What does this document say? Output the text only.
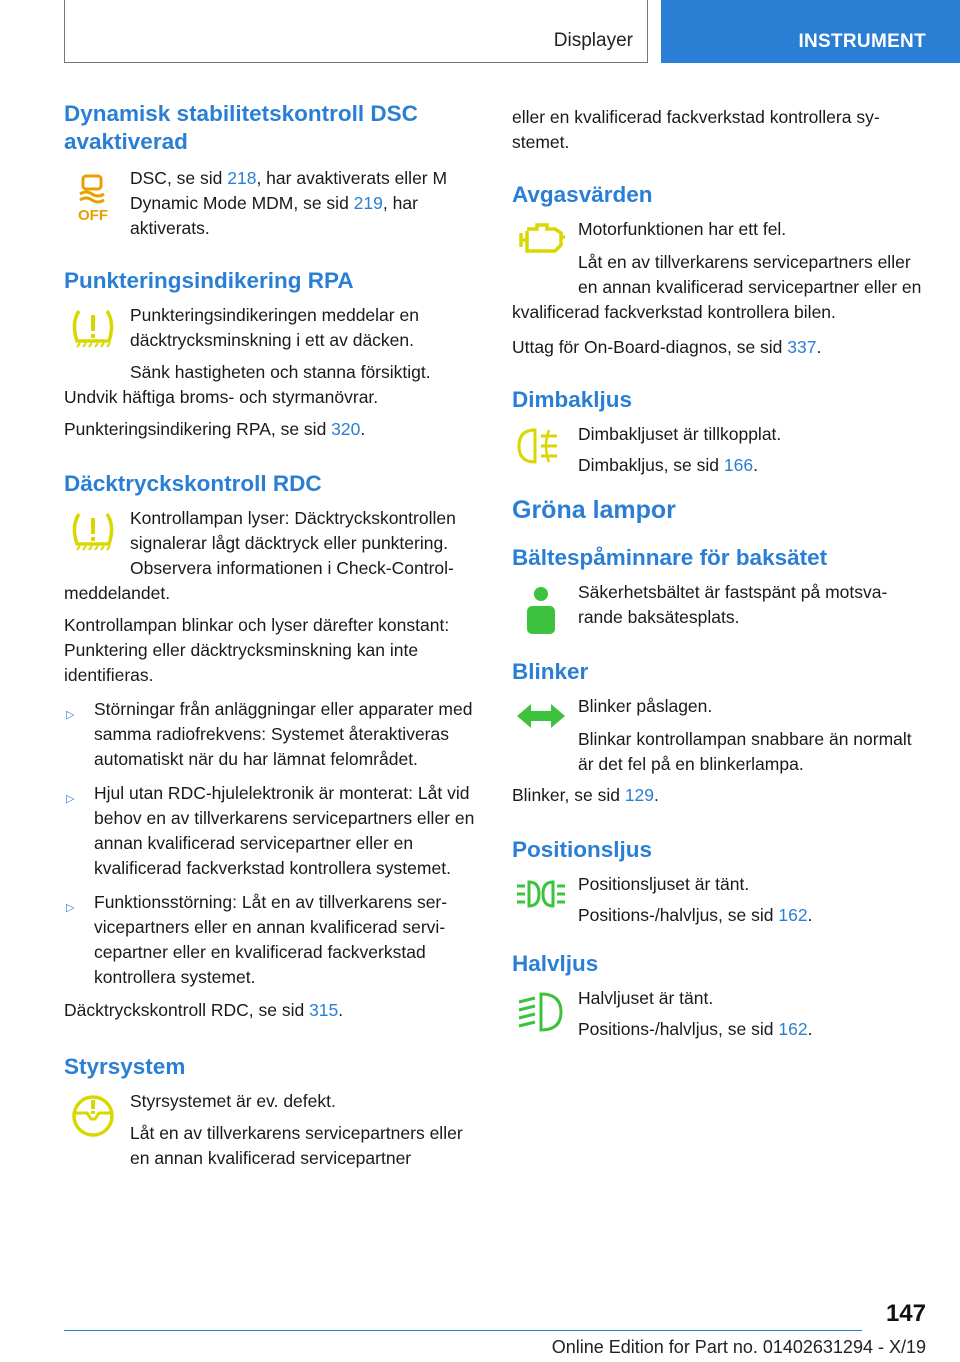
Displayer	INSTRUMENT
Dynamisk stabilitetskontroll DSC avaktiverad
OFF

DSC, se sid 218, har avaktiverats eller M Dynamic Mode MDM, se sid 219, har aktiverats.

Punkteringsindikering RPA

Punkteringsindikeringen meddelar en däcktrycksminskning i ett av däcken.

Sänk hastigheten och stanna försiktigt. Undvik häftiga broms- och styrmanövrar.

Punkteringsindikering RPA, se sid 320.

Däcktryckskontroll RDC

Kontrollampan lyser: Däcktryckskontrollen signalerar lågt däcktryck eller punktering. Observera informationen i Check-Control-meddelandet.

Kontrollampan blinkar och lyser därefter konstant: Punktering eller däcktrycksminskning kan inte identifieras.

▷ Störningar från anläggningar eller apparater med samma radiofrekvens: Systemet återaktiveras automatiskt när du har lämnat felområdet.

▷ Hjul utan RDC-hjulelektronik är monterat: Låt vid behov en av tillverkarens servicepartners eller en annan kvalificerad servicepartner eller en kvalificerad fackverkstad kontrollera systemet.

▷ Funktionsstörning: Låt en av tillverkarens servicepartners eller en annan kvalificerad servicepartner eller en kvalificerad fackverkstad kontrollera systemet.

Däcktryckskontroll RDC, se sid 315.

Styrsystem

Styrsystemet är ev. defekt.

Låt en av tillverkarens servicepartners eller en annan kvalificerad servicepartner

eller en kvalificerad fackverkstad kontrollera systemet.

Avgasvärden

Motorfunktionen har ett fel.

Låt en av tillverkarens servicepartners eller en annan kvalificerad servicepartner eller en kvalificerad fackverkstad kontrollera bilen.

Uttag för On-Board-diagnos, se sid 337.

Dimbakljus

Dimbakljuset är tillkopplat.

Dimbakljus, se sid 166.

Gröna lampor
Bältespåminnare för baksätet

Säkerhetsbältet är fastspänt på motsvarande baksätesplats.

Blinker

Blinker påslagen.

Blinkar kontrollampan snabbare än normalt är det fel på en blinkerlampa.

Blinker, se sid 129.

Positionsljus

Positionsljuset är tänt.

Positions-/halvljus, se sid 162.

Halvljus

Halvljuset är tänt.

Positions-/halvljus, se sid 162.

147
Online Edition for Part no. 01402631294 - X/19
